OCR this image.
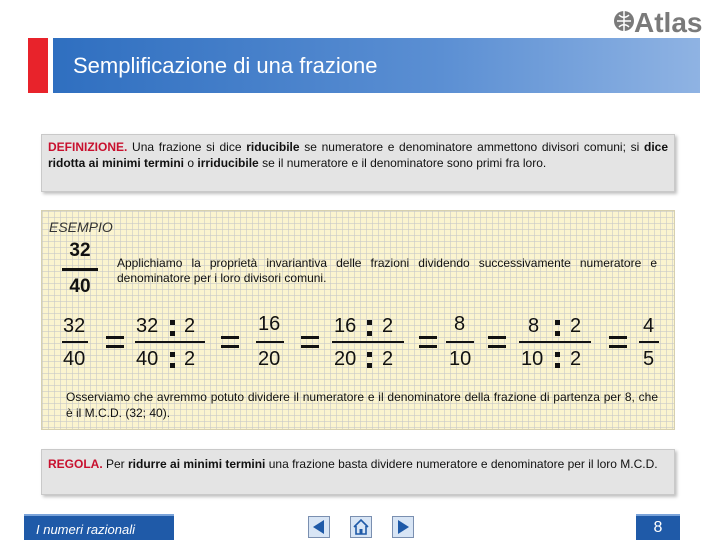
Semplificazione di una frazione
Atlas
DEFINIZIONE. Una frazione si dice riducibile se numeratore e denominatore ammettono divisori comuni; si dice ridotta ai minimi termini o irriducibile se il numeratore e il denominatore sono primi fra loro.
ESEMPIO
32
40
Applichiamo la proprietà invariantiva delle frazioni dividendo successivamente numeratore e denominatore per i loro divisori comuni.
32
40
32 2
40 2
16
20
16 2
20 2
8
10
8 2
10 2
4
5
Osserviamo che avremmo potuto dividere il numeratore e il denominatore della frazione di partenza per 8, che è il M.C.D. (32; 40).
REGOLA. Per ridurre ai minimi termini una frazione basta dividere numeratore e denominatore per il loro M.C.D.
I numeri razionali	8
